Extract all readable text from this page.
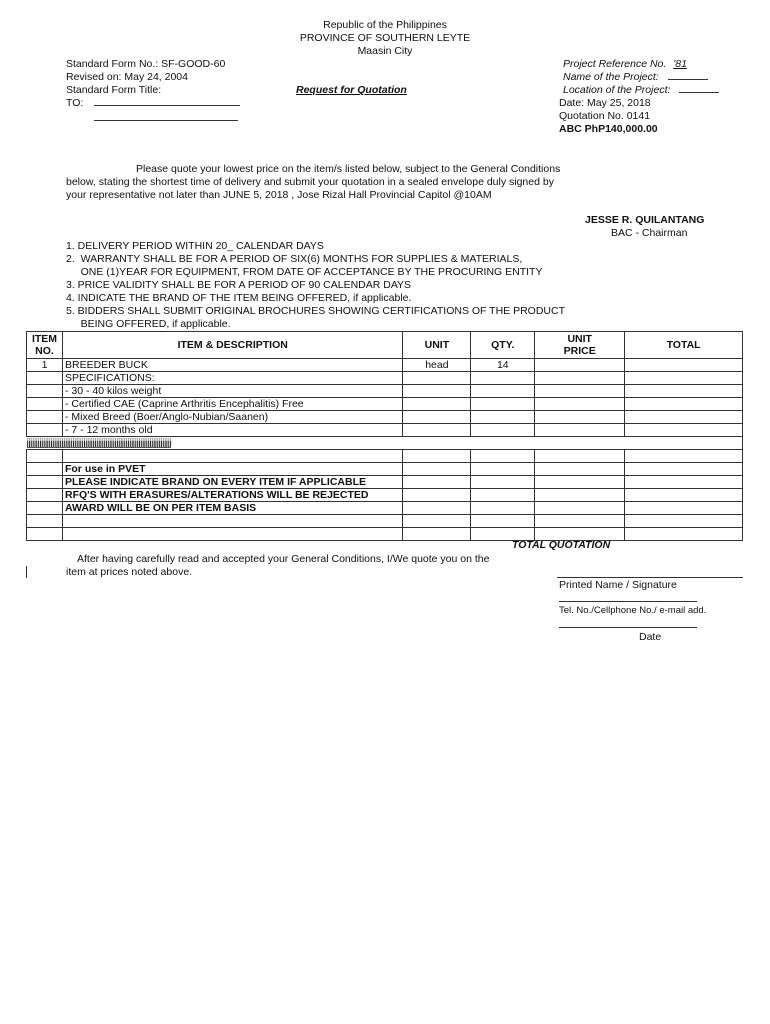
Republic of the Philippines
PROVINCE OF SOUTHERN LEYTE
Maasin City
Standard Form No.: SF-GOOD-60
Revised on: May 24, 2004
Standard Form Title:
TO:
Request for Quotation
Project Reference No. '81
Name of the Project:
Location of the Project:
Date: May 25, 2018
Quotation No. 0141
ABC PhP140,000.00
Please quote your lowest price on the item/s listed below, subject to the General Conditions below, stating the shortest time of delivery and submit your quotation in a sealed envelope duly signed by your representative not later than JUNE 5, 2018 , Jose Rizal Hall Provincial Capitol @10AM
JESSE R. QUILANTANG
BAC - Chairman
1. DELIVERY PERIOD WITHIN 20_ CALENDAR DAYS
2.  WARRANTY SHALL BE FOR A PERIOD OF SIX(6) MONTHS FOR SUPPLIES & MATERIALS,
ONE (1)YEAR FOR EQUIPMENT, FROM DATE OF ACCEPTANCE BY THE PROCURING ENTITY
3. PRICE VALIDITY SHALL BE FOR A PERIOD OF 90 CALENDAR DAYS
4. INDICATE THE BRAND OF THE ITEM BEING OFFERED, if applicable.
5. BIDDERS SHALL SUBMIT ORIGINAL BROCHURES SHOWING CERTIFICATIONS OF THE PRODUCT
BEING OFFERED, if applicable.
ITEM NO.	ITEM & DESCRIPTION	UNIT	QTY.	UNIT PRICE	TOTAL
1	BREEDER BUCK	head	14		
	SPECIFICATIONS:				
	- 30 - 40 kilos weight				
	- Certified CAE (Caprine Arthritis Encephalitis) Free				
	- Mixed Breed (Boer/Anglo-Nubian/Saanen)				
	- 7 - 12 months old				
jjjjjjjjjjjjjjjjjjjjjjjjjjjjjjjjjjjjjjjjjjjjjjjjjjjjjjjjjjjjjjjjjjjjjjjjjjjjjjj					

	For use in PVET				
	PLEASE INDICATE BRAND ON EVERY ITEM IF APPLICABLE				
	RFQ'S WITH ERASURES/ALTERATIONS WILL BE REJECTED				
	AWARD WILL BE ON PER ITEM BASIS				

TOTAL QUOTATION
After having carefully read and accepted your General Conditions, I/We quote you on the
item at prices noted above.
Printed Name / Signature
Tel. No./Cellphone No./ e-mail add.
Date
